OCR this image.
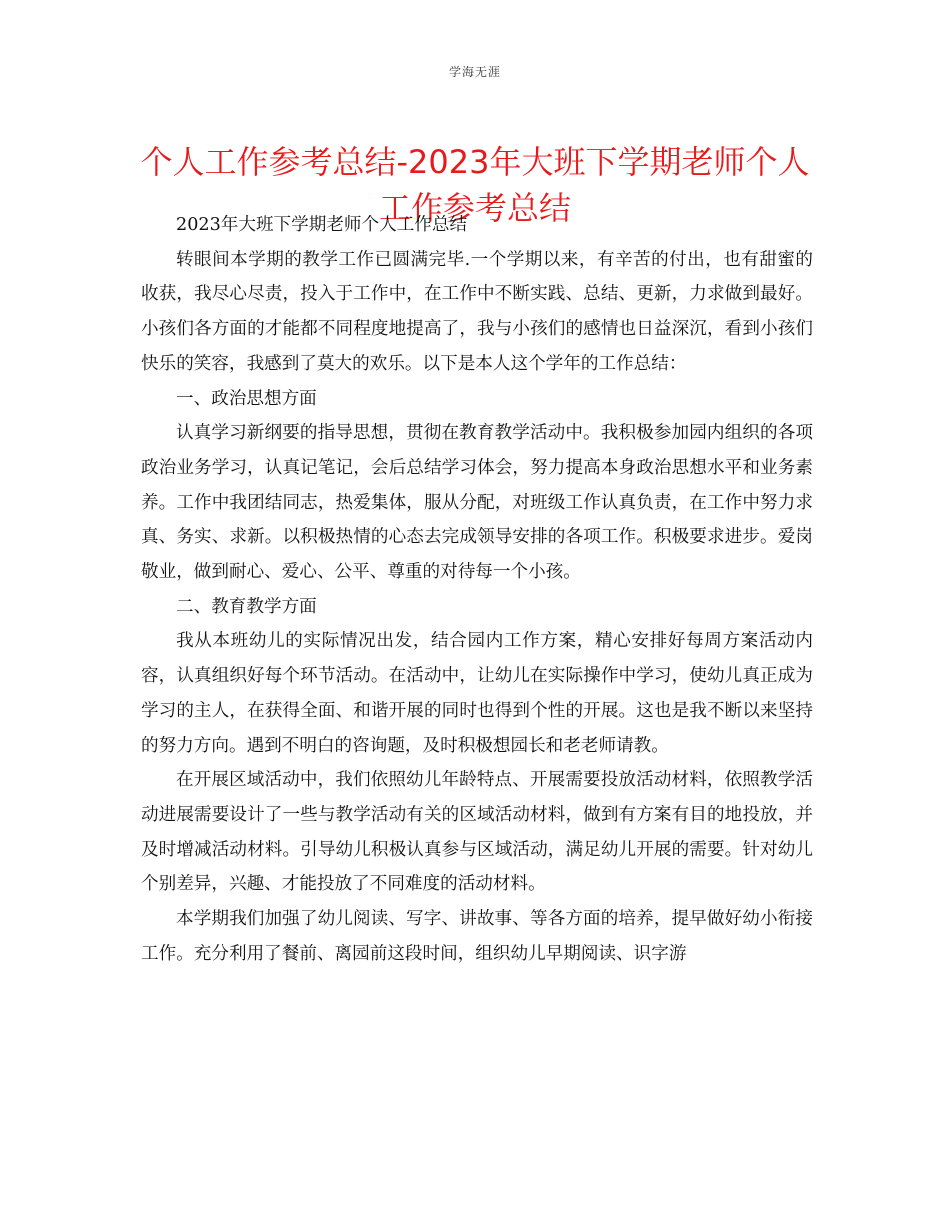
学海无涯
个人工作参考总结-2023年大班下学期老师个人工作参考总结

2023年大班下学期老师个人工作总结

转眼间本学期的教学工作已圆满完毕.一个学期以来，有辛苦的付出，也有甜蜜的收获，我尽心尽责，投入于工作中，在工作中不断实践、总结、更新，力求做到最好。小孩们各方面的才能都不同程度地提高了，我与小孩们的感情也日益深沉，看到小孩们快乐的笑容，我感到了莫大的欢乐。以下是本人这个学年的工作总结：

一、政治思想方面

认真学习新纲要的指导思想，贯彻在教育教学活动中。我积极参加园内组织的各项政治业务学习，认真记笔记，会后总结学习体会，努力提高本身政治思想水平和业务素养。工作中我团结同志，热爱集体，服从分配，对班级工作认真负责，在工作中努力求真、务实、求新。以积极热情的心态去完成领导安排的各项工作。积极要求进步。爱岗敬业，做到耐心、爱心、公平、尊重的对待每一个小孩。

二、教育教学方面

我从本班幼儿的实际情况出发，结合园内工作方案，精心安排好每周方案活动内容，认真组织好每个环节活动。在活动中，让幼儿在实际操作中学习，使幼儿真正成为学习的主人，在获得全面、和谐开展的同时也得到个性的开展。这也是我不断以来坚持的努力方向。遇到不明白的咨询题，及时积极想园长和老老师请教。

在开展区域活动中，我们依照幼儿年龄特点、开展需要投放活动材料，依照教学活动进展需要设计了一些与教学活动有关的区域活动材料，做到有方案有目的地投放，并及时增减活动材料。引导幼儿积极认真参与区域活动，满足幼儿开展的需要。针对幼儿个别差异，兴趣、才能投放了不同难度的活动材料。

本学期我们加强了幼儿阅读、写字、讲故事、等各方面的培养，提早做好幼小衔接工作。充分利用了餐前、离园前这段时间，组织幼儿早期阅读、识字游
